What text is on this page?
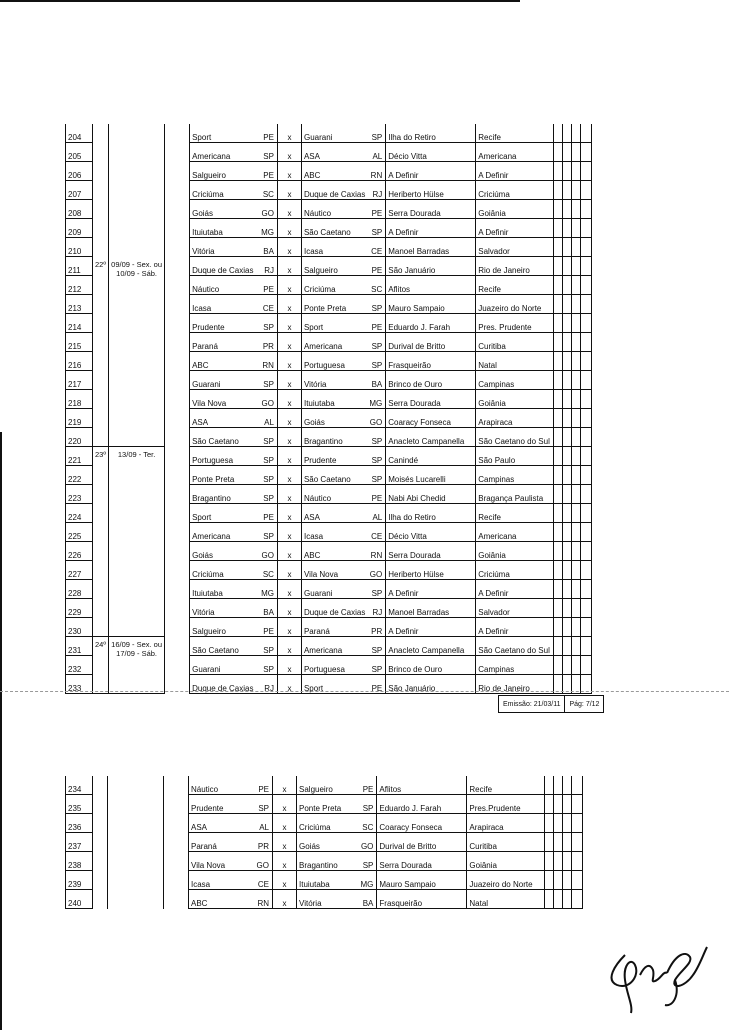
204				Sport	PE	x	Guarani	SP	Ilha do Retiro	Recife				
205				Americana	SP	x	ASA	AL	Décio Vitta	Americana				
206				Salgueiro	PE	x	ABC	RN	A Definir	A Definir				
207				Criciúma	SC	x	Duque de Caxias	RJ	Heriberto Hülse	Criciúma				
208				Goiás	GO	x	Náutico	PE	Serra Dourada	Goiânia				
209				Ituiutaba	MG	x	São Caetano	SP	A Definir	A Definir				
210				Vitória	BA	x	Icasa	CE	Manoel Barradas	Salvador				
211	22º	09/09 - Sex. ou 10/09 - Sáb.		Duque de Caxias	RJ	x	Salgueiro	PE	São Januário	Rio de Janeiro				
212				Náutico	PE	x	Criciúma	SC	Aflitos	Recife				
213				Icasa	CE	x	Ponte Preta	SP	Mauro Sampaio	Juazeiro do Norte				
214				Prudente	SP	x	Sport	PE	Eduardo J. Farah	Pres. Prudente				
215				Paraná	PR	x	Americana	SP	Durival de Britto	Curitiba				
216				ABC	RN	x	Portuguesa	SP	Frasqueirão	Natal				
217				Guarani	SP	x	Vitória	BA	Brinco de Ouro	Campinas				
218				Vila Nova	GO	x	Ituiutaba	MG	Serra Dourada	Goiânia				
219				ASA	AL	x	Goiás	GO	Coaracy Fonseca	Arapiraca				
220				São Caetano	SP	x	Bragantino	SP	Anacleto Campanella	São Caetano do Sul				
221	23º	13/09 - Ter.		Portuguesa	SP	x	Prudente	SP	Canindé	São Paulo				
222				Ponte Preta	SP	x	São Caetano	SP	Moisés Lucarelli	Campinas				
223				Bragantino	SP	x	Náutico	PE	Nabi Abi Chedid	Bragança Paulista				
224				Sport	PE	x	ASA	AL	Ilha do Retiro	Recife				
225				Americana	SP	x	Icasa	CE	Décio Vitta	Americana				
226				Goiás	GO	x	ABC	RN	Serra Dourada	Goiânia				
227				Criciúma	SC	x	Vila Nova	GO	Heriberto Hülse	Criciúma				
228				Ituiutaba	MG	x	Guarani	SP	A Definir	A Definir				
229				Vitória	BA	x	Duque de Caxias	RJ	Manoel Barradas	Salvador				
230				Salgueiro	PE	x	Paraná	PR	A Definir	A Definir				
231	24º	16/09 - Sex. ou 17/09 - Sáb.		São Caetano	SP	x	Americana	SP	Anacleto Campanella	São Caetano do Sul				
232				Guarani	SP	x	Portuguesa	SP	Brinco de Ouro	Campinas				
233				Duque de Caxias	RJ	x	Sport	PE	São Januário	Rio de Janeiro				
Emissão: 21/03/11	Pág: 7/12
234				Náutico	PE	x	Salgueiro	PE	Aflitos	Recife				
235				Prudente	SP	x	Ponte Preta	SP	Eduardo J. Farah	Pres.Prudente				
236				ASA	AL	x	Criciúma	SC	Coaracy Fonseca	Arapiraca				
237				Paraná	PR	x	Goiás	GO	Durival de Britto	Curitiba				
238				Vila Nova	GO	x	Bragantino	SP	Serra Dourada	Goiânia				
239				Icasa	CE	x	Ituiutaba	MG	Mauro Sampaio	Juazeiro do Norte				
240				ABC	RN	x	Vitória	BA	Frasqueirão	Natal				
